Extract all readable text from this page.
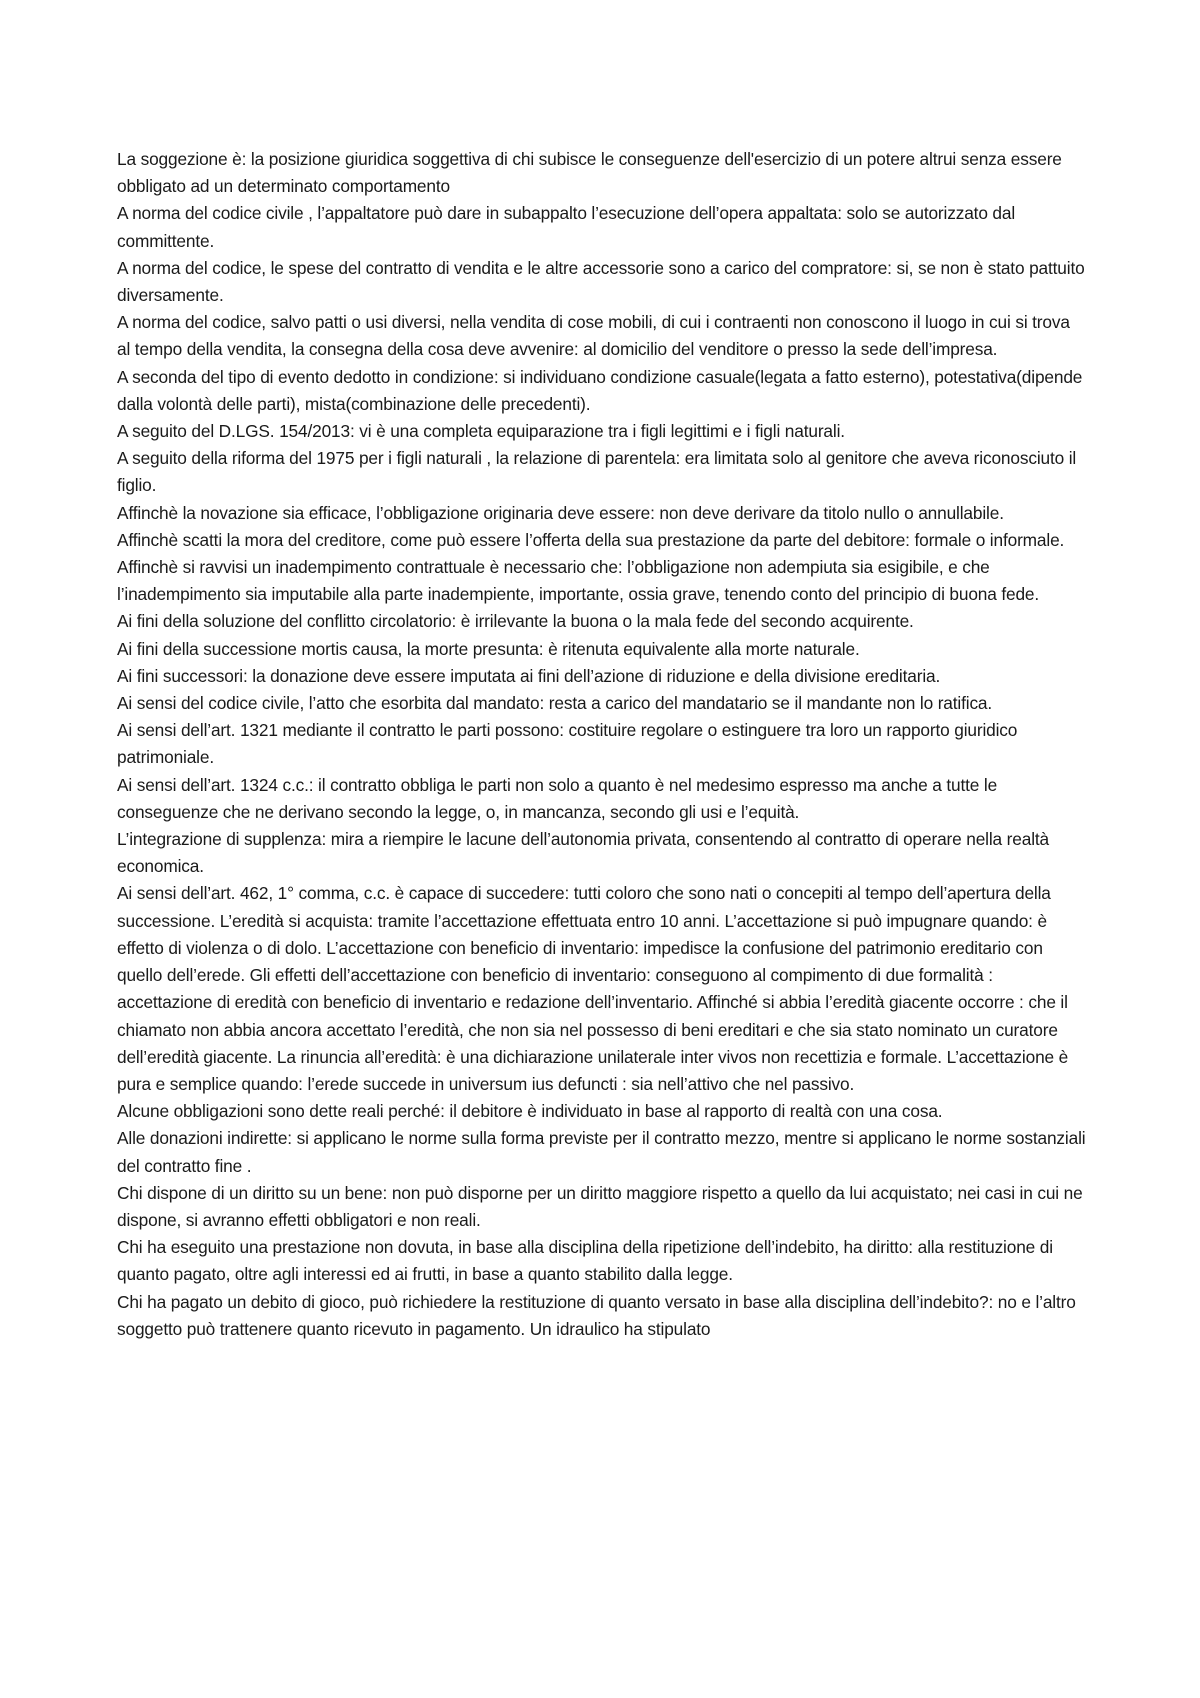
La soggezione è: la posizione giuridica soggettiva di chi subisce le conseguenze dell'esercizio di un potere altrui senza essere obbligato ad un determinato comportamento

A norma del codice civile , l’appaltatore può dare in subappalto l’esecuzione dell’opera appaltata: solo se autorizzato dal committente.

A norma del codice, le spese del contratto di vendita e le altre accessorie sono a carico del compratore: si, se non è stato pattuito diversamente.

A norma del codice, salvo patti o usi diversi, nella vendita di cose mobili, di cui i contraenti non conoscono il luogo in cui si trova al tempo della vendita, la consegna della cosa deve avvenire: al domicilio del venditore o presso la sede dell’impresa.

A seconda del tipo di evento dedotto in condizione: si individuano condizione casuale(legata a fatto esterno), potestativa(dipende dalla volontà delle parti), mista(combinazione delle precedenti).

A seguito del D.LGS. 154/2013: vi è una completa equiparazione tra i figli legittimi e i figli naturali.

A seguito della riforma del 1975 per i figli naturali , la relazione di parentela: era limitata solo al genitore che aveva riconosciuto il figlio.

Affinchè la novazione sia efficace, l’obbligazione originaria deve essere: non deve derivare da titolo nullo o annullabile.

Affinchè scatti la mora del creditore, come può essere l’offerta della sua prestazione da parte del debitore: formale o informale.

Affinchè si ravvisi un inadempimento contrattuale è necessario che: l’obbligazione non adempiuta sia esigibile, e che l’inadempimento sia imputabile alla parte inadempiente, importante, ossia grave, tenendo conto del principio di buona fede.

Ai fini della soluzione del conflitto circolatorio: è irrilevante la buona o la mala fede del secondo acquirente.

Ai fini della successione mortis causa, la morte presunta: è ritenuta equivalente alla morte naturale.

Ai fini successori: la donazione deve essere imputata ai fini dell’azione di riduzione e della divisione ereditaria.

Ai sensi del codice civile, l’atto che esorbita dal mandato: resta a carico del mandatario se il mandante non lo ratifica.

Ai sensi dell’art. 1321 mediante il contratto le parti possono: costituire regolare o estinguere tra loro un rapporto giuridico patrimoniale.

Ai sensi dell’art. 1324 c.c.: il contratto obbliga le parti non solo a quanto è nel medesimo espresso ma anche a tutte le conseguenze che ne derivano secondo la legge, o, in mancanza, secondo gli usi e l’equità.

L’integrazione di supplenza: mira a riempire le lacune dell’autonomia privata, consentendo al contratto di operare nella realtà economica.

Ai sensi dell’art. 462, 1° comma, c.c. è capace di succedere: tutti coloro che sono nati o concepiti al tempo dell’apertura della successione. L’eredità si acquista: tramite l’accettazione effettuata entro 10 anni. L’accettazione si può impugnare quando: è effetto di violenza o di dolo. L’accettazione con beneficio di inventario: impedisce la confusione del patrimonio ereditario con quello dell’erede. Gli effetti dell’accettazione con beneficio di inventario: conseguono al compimento di due formalità : accettazione di eredità con beneficio di inventario e redazione dell’inventario. Affinché si abbia l’eredità giacente occorre : che il chiamato non abbia ancora accettato l’eredità, che non sia nel possesso di beni ereditari e che sia stato nominato un curatore dell’eredità giacente. La rinuncia all’eredità: è una dichiarazione unilaterale inter vivos non recettizia e formale. L’accettazione è pura e semplice quando: l’erede succede in universum ius defuncti : sia nell’attivo che nel passivo.

Alcune obbligazioni sono dette reali perché: il debitore è individuato in base al rapporto di realtà con una cosa.

Alle donazioni indirette: si applicano le norme sulla forma previste per il contratto mezzo, mentre si applicano le norme sostanziali del contratto fine .

Chi dispone di un diritto su un bene: non può disporne per un diritto maggiore rispetto a quello da lui acquistato; nei casi in cui ne dispone, si avranno effetti obbligatori e non reali.

Chi ha eseguito una prestazione non dovuta, in base alla disciplina della ripetizione dell’indebito, ha diritto: alla restituzione di quanto pagato, oltre agli interessi ed ai frutti, in base a quanto stabilito dalla legge.

Chi ha pagato un debito di gioco, può richiedere la restituzione di quanto versato in base alla disciplina dell’indebito?: no e l’altro soggetto può trattenere quanto ricevuto in pagamento. Un idraulico ha stipulato
